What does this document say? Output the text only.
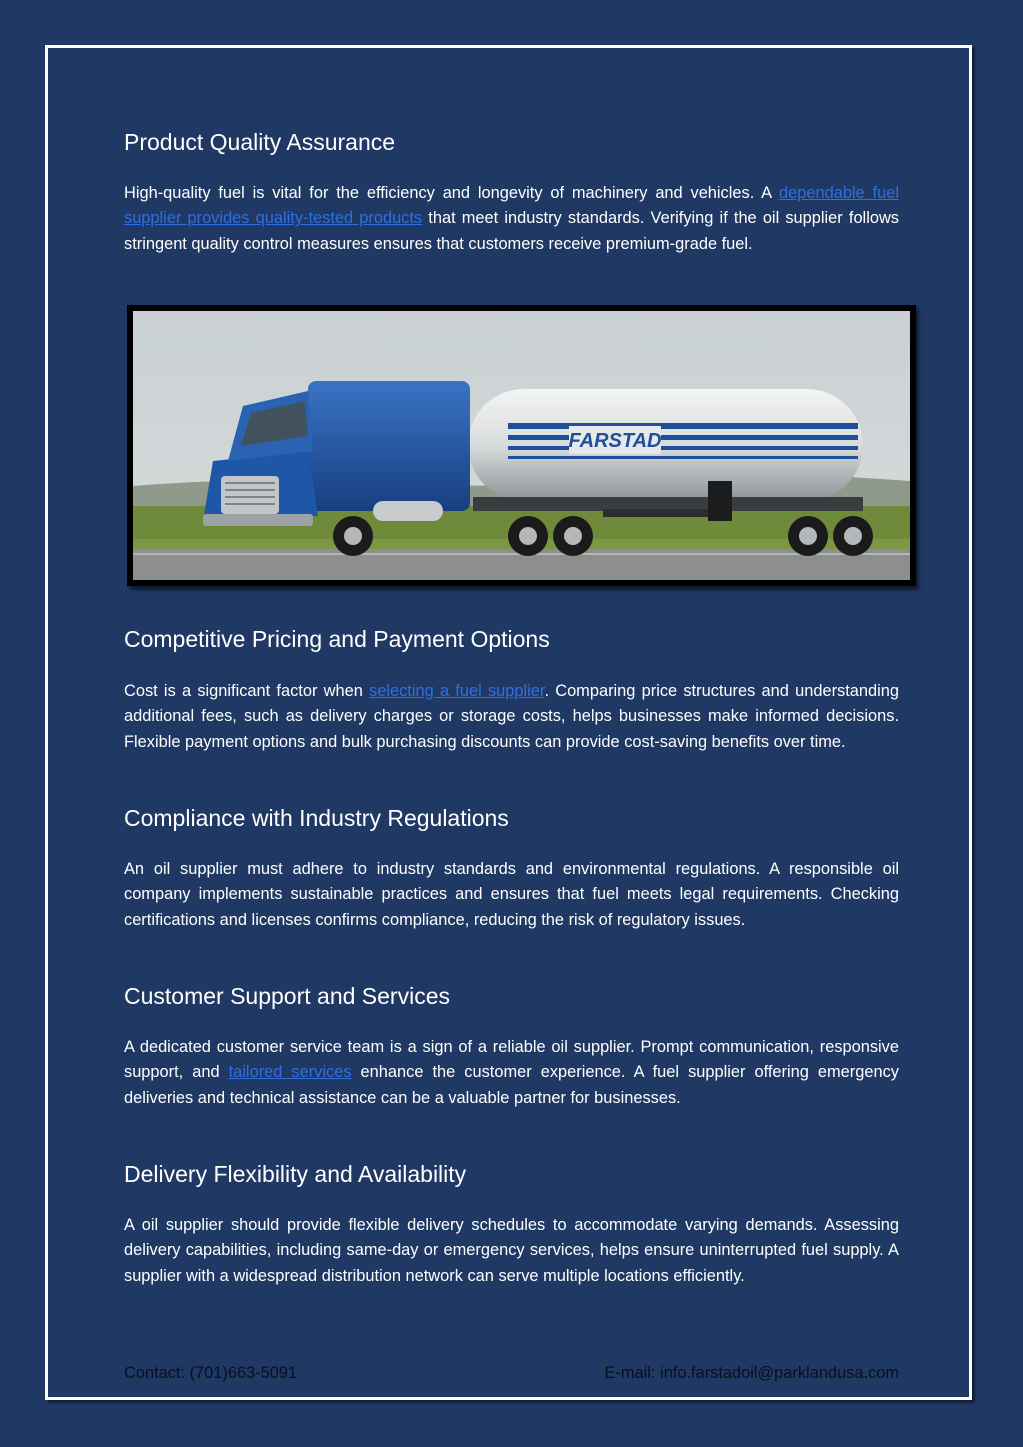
Product Quality Assurance

High-quality fuel is vital for the efficiency and longevity of machinery and vehicles. A dependable fuel supplier provides quality-tested products that meet industry standards. Verifying if the oil supplier follows stringent quality control measures ensures that customers receive premium-grade fuel.

FARSTAD
Competitive Pricing and Payment Options

Cost is a significant factor when selecting a fuel supplier. Comparing price structures and understanding additional fees, such as delivery charges or storage costs, helps businesses make informed decisions. Flexible payment options and bulk purchasing discounts can provide cost-saving benefits over time.

Compliance with Industry Regulations

An oil supplier must adhere to industry standards and environmental regulations. A responsible oil company implements sustainable practices and ensures that fuel meets legal requirements. Checking certifications and licenses confirms compliance, reducing the risk of regulatory issues.

Customer Support and Services

A dedicated customer service team is a sign of a reliable oil supplier. Prompt communication, responsive support, and tailored services enhance the customer experience. A fuel supplier offering emergency deliveries and technical assistance can be a valuable partner for businesses.

Delivery Flexibility and Availability

A oil supplier should provide flexible delivery schedules to accommodate varying demands. Assessing delivery capabilities, including same-day or emergency services, helps ensure uninterrupted fuel supply. A supplier with a widespread distribution network can serve multiple locations efficiently.

Contact: (701)663-5091	E-mail: info.farstadoil@parklandusa.com
